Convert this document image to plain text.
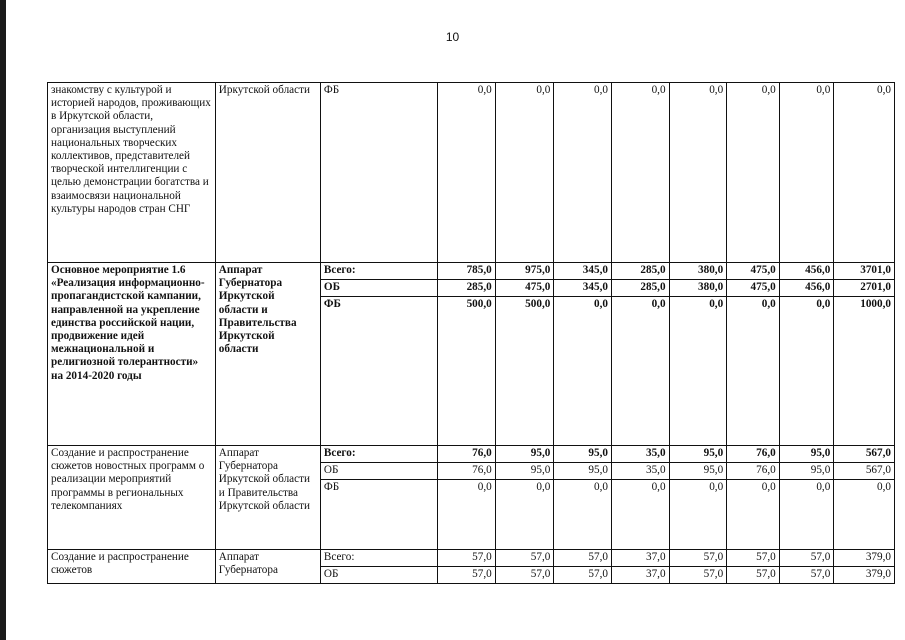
10
знакомству с культурой и историей народов, проживающих в Иркутской области, организация выступлений национальных творческих коллективов, представителей творческой интеллигенции с целью демонстрации богатства и взаимосвязи национальной культуры народов стран СНГ	Иркутской области	ФБ	0,0	0,0	0,0	0,0	0,0	0,0	0,0	0,0
Основное мероприятие 1.6 «Реализация информационно-пропагандистской кампании, направленной на укрепление единства российской нации, продвижение идей межнациональной и религиозной толерантности» на 2014-2020 годы	Аппарат Губернатора Иркутской области и Правительства Иркутской области	Всего:	785,0	975,0	345,0	285,0	380,0	475,0	456,0	3701,0
		ОБ	285,0	475,0	345,0	285,0	380,0	475,0	456,0	2701,0
		ФБ	500,0	500,0	0,0	0,0	0,0	0,0	0,0	1000,0
Создание и распространение сюжетов новостных программ о реализации мероприятий программы в региональных телекомпаниях	Аппарат Губернатора Иркутской области и Правительства Иркутской области	Всего:	76,0	95,0	95,0	35,0	95,0	76,0	95,0	567,0
		ОБ	76,0	95,0	95,0	35,0	95,0	76,0	95,0	567,0
		ФБ	0,0	0,0	0,0	0,0	0,0	0,0	0,0	0,0
Создание и распространение сюжетов	Аппарат Губернатора	Всего:	57,0	57,0	57,0	37,0	57,0	57,0	57,0	379,0
		ОБ	57,0	57,0	57,0	37,0	57,0	57,0	57,0	379,0
